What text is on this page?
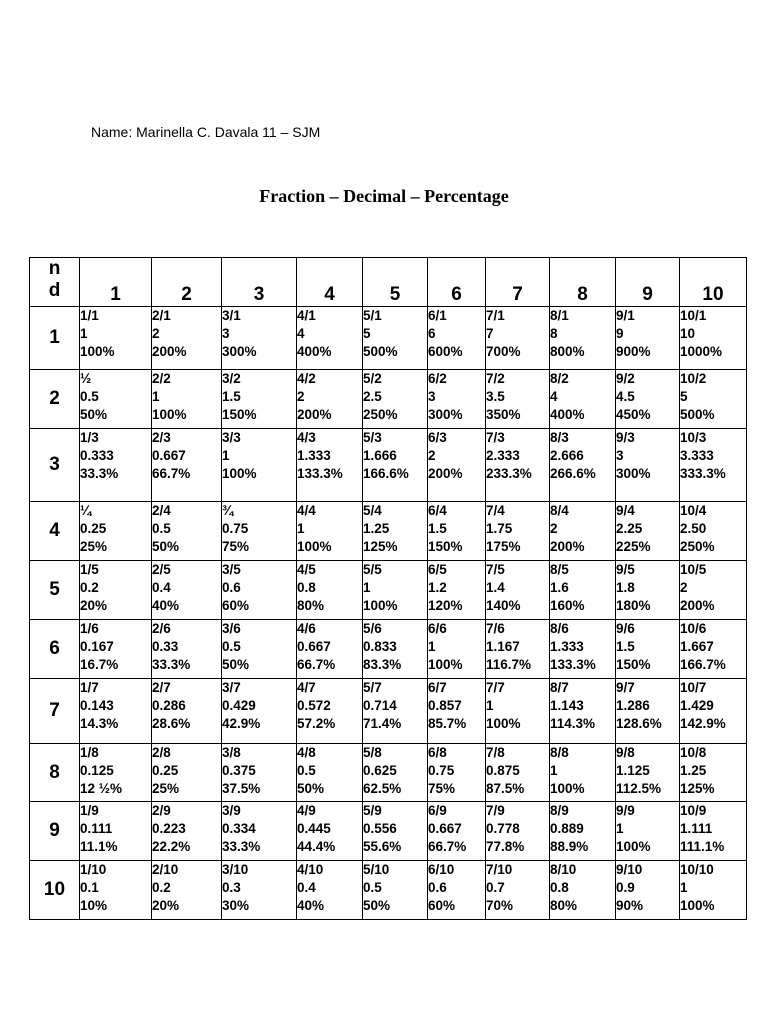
Name: Marinella C. Davala 11 – SJM
Fraction – Decimal – Percentage
n
d	1	2	3	4	5	6	7	8	9	10
1	1/1
1
100%	2/1
2
200%	3/1
3
300%	4/1
4
400%	5/1
5
500%	6/1
6
600%	7/1
7
700%	8/1
8
800%	9/1
9
900%	10/1
10
1000%

2	½
0.5
50%	2/2
1
100%	3/2
1.5
150%	4/2
2
200%	5/2
2.5
250%	6/2
3
300%	7/2
3.5
350%	8/2
4
400%	9/2
4.5
450%	10/2
5
500%

3	1/3
0.333
33.3%	2/3
0.667
66.7%	3/3
1
100%	4/3
1.333
133.3%	5/3
1.666
166.6%	6/3
2
200%	7/3
2.333
233.3%	8/3
2.666
266.6%	9/3
3
300%	10/3
3.333
333.3%

4	¼
0.25
25%	2/4
0.5
50%	¾
0.75
75%	4/4
1
100%	5/4
1.25
125%	6/4
1.5
150%	7/4
1.75
175%	8/4
2
200%	9/4
2.25
225%	10/4
2.50
250%

5	1/5
0.2
20%	2/5
0.4
40%	3/5
0.6
60%	4/5
0.8
80%	5/5
1
100%	6/5
1.2
120%	7/5
1.4
140%	8/5
1.6
160%	9/5
1.8
180%	10/5
2
200%

6	1/6
0.167
16.7%	2/6
0.33
33.3%	3/6
0.5
50%	4/6
0.667
66.7%	5/6
0.833
83.3%	6/6
1
100%	7/6
1.167
116.7%	8/6
1.333
133.3%	9/6
1.5
150%	10/6
1.667
166.7%

7	1/7
0.143
14.3%	2/7
0.286
28.6%	3/7
0.429
42.9%	4/7
0.572
57.2%	5/7
0.714
71.4%	6/7
0.857
85.7%	7/7
1
100%	8/7
1.143
114.3%	9/7
1.286
128.6%	10/7
1.429
142.9%

8	1/8
0.125
12 ½%	2/8
0.25
25%	3/8
0.375
37.5%	4/8
0.5
50%	5/8
0.625
62.5%	6/8
0.75
75%	7/8
0.875
87.5%	8/8
1
100%	9/8
1.125
112.5%	10/8
1.25
125%

9	1/9
0.111
11.1%	2/9
0.223
22.2%	3/9
0.334
33.3%	4/9
0.445
44.4%	5/9
0.556
55.6%	6/9
0.667
66.7%	7/9
0.778
77.8%	8/9
0.889
88.9%	9/9
1
100%	10/9
1.111
111.1%

10	1/10
0.1
10%	2/10
0.2
20%	3/10
0.3
30%	4/10
0.4
40%	5/10
0.5
50%	6/10
0.6
60%	7/10
0.7
70%	8/10
0.8
80%	9/10
0.9
90%	10/10
1
100%
